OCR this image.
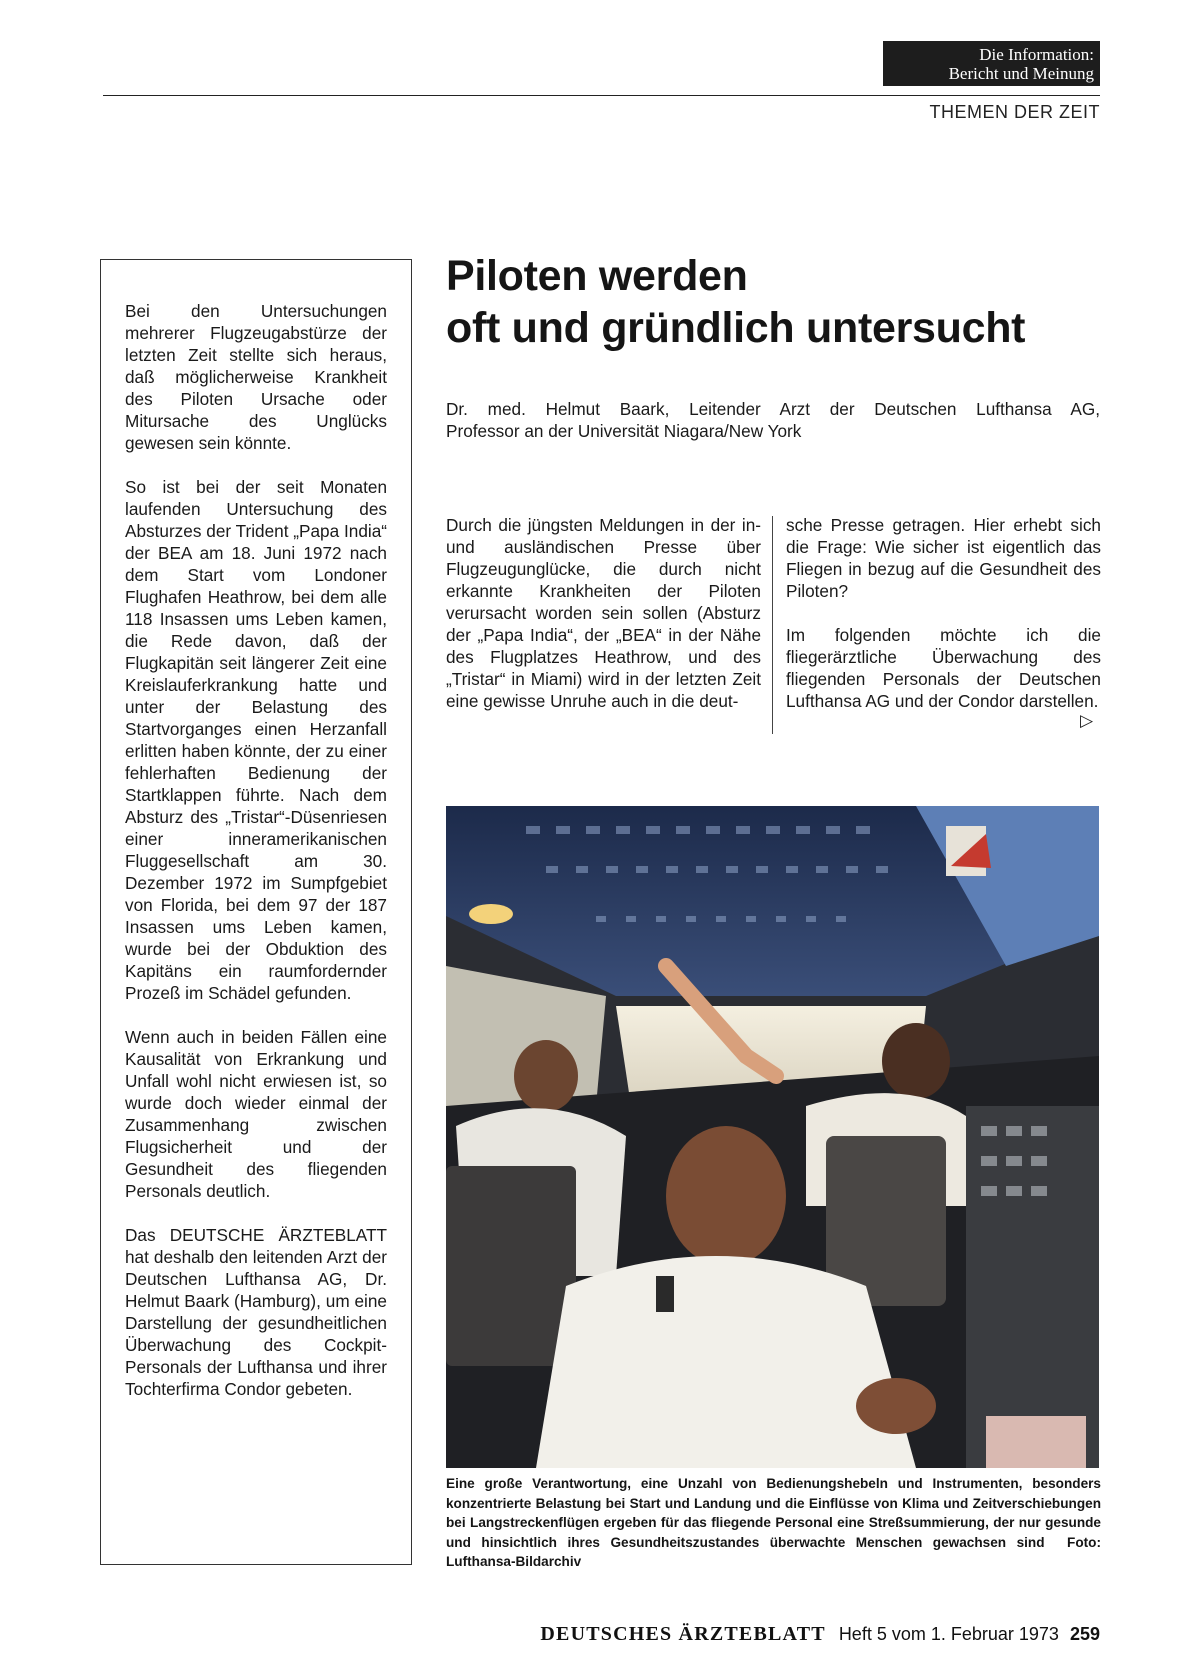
Die Information:
Bericht und Meinung
THEMEN DER ZEIT

Bei den Untersuchungen mehrerer Flugzeugabstürze der letzten Zeit stellte sich heraus, daß möglicherweise Krankheit des Piloten Ursache oder Mitursache des Unglücks gewesen sein könnte.

So ist bei der seit Monaten laufenden Untersuchung des Absturzes der Trident „Papa India“ der BEA am 18. Juni 1972 nach dem Start vom Londoner Flughafen Heathrow, bei dem alle 118 Insassen ums Leben kamen, die Rede davon, daß der Flugkapitän seit längerer Zeit eine Kreislauferkrankung hatte und unter der Belastung des Startvorganges einen Herzanfall erlitten haben könnte, der zu einer fehlerhaften Bedienung der Startklappen führte. Nach dem Absturz des „Tristar“-Düsenriesen einer inneramerikanischen Fluggesellschaft am 30. Dezember 1972 im Sumpfgebiet von Florida, bei dem 97 der 187 Insassen ums Leben kamen, wurde bei der Obduktion des Kapitäns ein raumfordernder Prozeß im Schädel gefunden.

Wenn auch in beiden Fällen eine Kausalität von Erkrankung und Unfall wohl nicht erwiesen ist, so wurde doch wieder einmal der Zusammenhang zwischen Flugsicherheit und der Gesundheit des fliegenden Personals deutlich.

Das DEUTSCHE ÄRZTEBLATT hat deshalb den leitenden Arzt der Deutschen Lufthansa AG, Dr. Helmut Baark (Hamburg), um eine Darstellung der gesundheitlichen Überwachung des Cockpit-Personals der Lufthansa und ihrer Tochterfirma Condor gebeten.

Piloten werden
oft und gründlich untersucht
Dr. med. Helmut Baark, Leitender Arzt der Deutschen Lufthansa AG,
Professor an der Universität Niagara/New York

Durch die jüngsten Meldungen in der in- und ausländischen Presse über Flugzeugunglücke, die durch nicht erkannte Krankheiten der Piloten verursacht worden sein sollen (Absturz der „Papa India“, der „BEA“ in der Nähe des Flugplatzes Heathrow, und des „Tristar“ in Miami) wird in der letzten Zeit eine gewisse Unruhe auch in die deut-

sche Presse getragen. Hier erhebt sich die Frage: Wie sicher ist eigentlich das Fliegen in bezug auf die Gesundheit des Piloten?

Im folgenden möchte ich die fliegerärztliche Überwachung des fliegenden Personals der Deutschen Lufthansa AG und der Condor darstellen.

▷
Eine große Verantwortung, eine Unzahl von Bedienungshebeln und Instrumenten, besonders konzentrierte Belastung bei Start und Landung und die Einflüsse von Klima und Zeitverschiebungen bei Langstreckenflügen ergeben für das fliegende Personal eine Streßsummierung, der nur gesunde und hinsichtlich ihres Gesundheitszustandes überwachte Menschen gewachsen sind Foto: Lufthansa-Bildarchiv
DEUTSCHES ÄRZTEBLATT Heft 5 vom 1. Februar 1973 259
